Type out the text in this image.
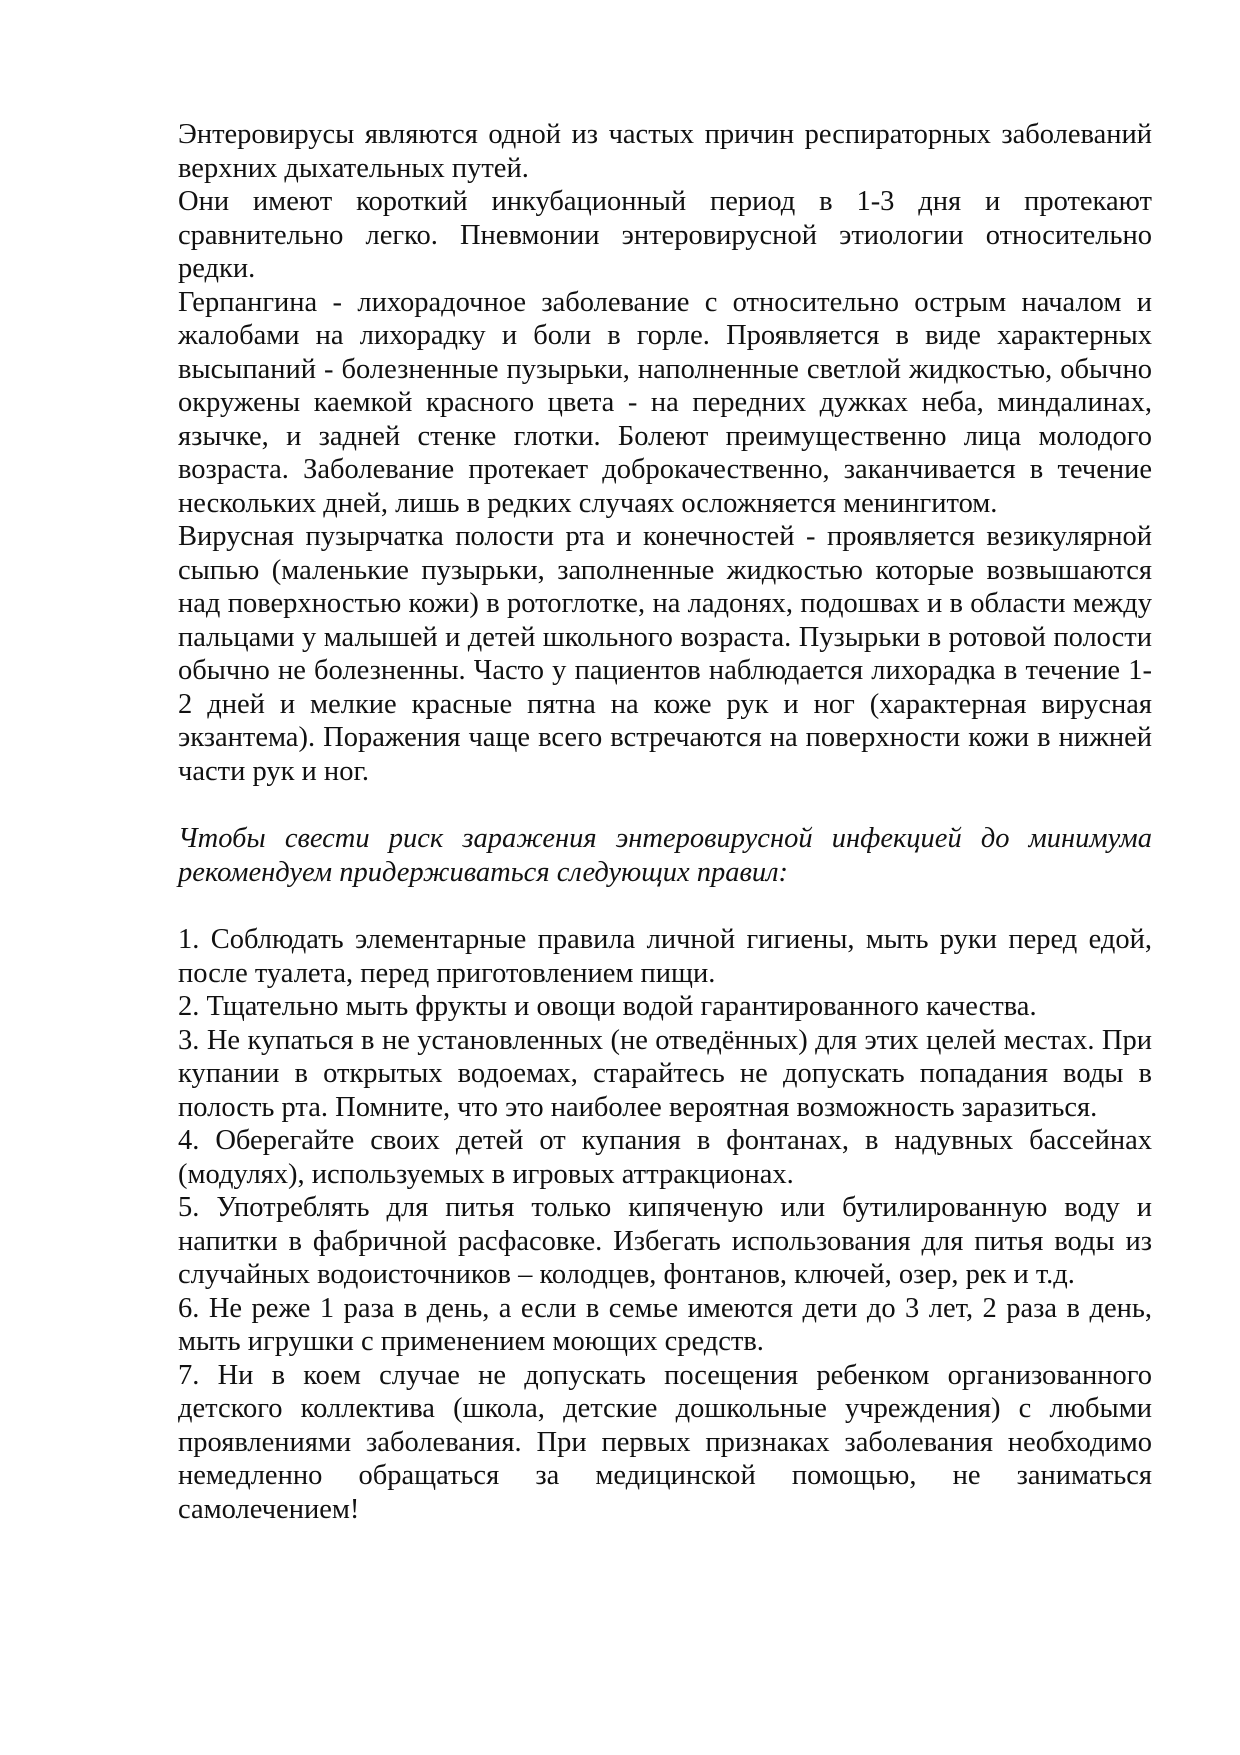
Энтеровирусы являются одной из частых причин респираторных заболеваний верхних дыхательных путей.

Они имеют короткий инкубационный период в 1-3 дня и протекают сравнительно легко. Пневмонии энтеровирусной этиологии относительно редки.

Герпангина - лихорадочное заболевание с относительно острым началом и жалобами на лихорадку и боли в горле. Проявляется в виде характерных высыпаний - болезненные пузырьки, наполненные светлой жидкостью, обычно окружены каемкой красного цвета - на передних дужках неба, миндалинах, язычке, и задней стенке глотки. Болеют преимущественно лица молодого возраста. Заболевание протекает доброкачественно, заканчивается в течение нескольких дней, лишь в редких случаях осложняется менингитом.

Вирусная пузырчатка полости рта и конечностей - проявляется везикулярной сыпью (маленькие пузырьки, заполненные жидкостью которые возвышаются над поверхностью кожи) в ротоглотке, на ладонях, подошвах и в области между пальцами у малышей и детей школьного возраста. Пузырьки в ротовой полости обычно не болезненны. Часто у пациентов наблюдается лихорадка в течение 1-2 дней и мелкие красные пятна на коже рук и ног (характерная вирусная экзантема). Поражения чаще всего встречаются на поверхности кожи в нижней части рук и ног.

Чтобы свести риск заражения энтеровирусной инфекцией до минимума рекомендуем придерживаться следующих правил:

1. Соблюдать элементарные правила личной гигиены, мыть руки перед едой, после туалета, перед приготовлением пищи.

2. Тщательно мыть фрукты и овощи водой гарантированного качества.

3. Не купаться в не установленных (не отведённых) для этих целей местах. При купании в открытых водоемах, старайтесь не допускать попадания воды в полость рта. Помните, что это наиболее вероятная возможность заразиться.

4. Оберегайте своих детей от купания в фонтанах, в надувных бассейнах (модулях), используемых в игровых аттракционах.

5. Употреблять для питья только кипяченую или бутилированную воду и напитки в фабричной расфасовке. Избегать использования для питья воды из случайных водоисточников – колодцев, фонтанов, ключей, озер, рек и т.д.

6. Не реже 1 раза в день, а если в семье имеются дети до 3 лет, 2 раза в день, мыть игрушки с применением моющих средств.

7. Ни в коем случае не допускать посещения ребенком организованного детского коллектива (школа, детские дошкольные учреждения) с любыми проявлениями заболевания. При первых признаках заболевания необходимо немедленно обращаться за медицинской помощью, не заниматься самолечением!
